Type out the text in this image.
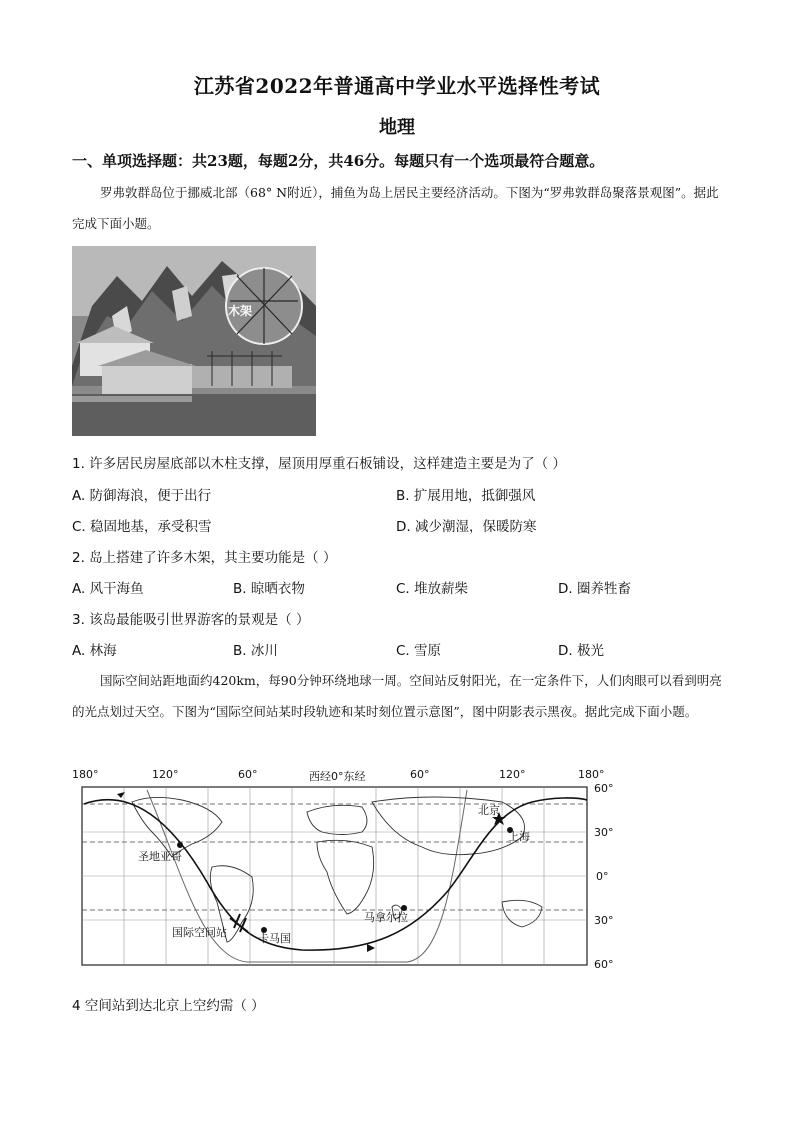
江苏省2022年普通高中学业水平选择性考试
地理
一、单项选择题：共23题，每题2分，共46分。每题只有一个选项最符合题意。
罗弗敦群岛位于挪威北部（68° N附近），捕鱼为岛上居民主要经济活动。下图为“罗弗敦群岛聚落景观图”。据此完成下面小题。
木架
1. 许多居民房屋底部以木柱支撑，屋顶用厚重石板铺设，这样建造主要是为了（ ）
A. 防御海浪，便于出行	B. 扩展用地，抵御强风
C. 稳固地基，承受积雪	D. 减少潮湿，保暖防寒
2. 岛上搭建了许多木架，其主要功能是（ ）
A. 风干海鱼	B. 晾晒衣物	C. 堆放薪柴	D. 圈养牲畜
3. 该岛最能吸引世界游客的景观是（ ）
A. 林海	B. 冰川	C. 雪原	D. 极光
国际空间站距地面约420km，每90分钟环绕地球一周。空间站反射阳光，在一定条件下，人们肉眼可以看到明亮的光点划过天空。下图为“国际空间站某时段轨迹和某时刻位置示意图”，图中阴影表示黑夜。据此完成下面小题。
180°	120°	60°	西经0°东经	60°	120°	180°
60°
30°
0°
30°
60°
圣地亚哥
国际空间站	卡马国
北京
上海
马拿尔拉
4 空间站到达北京上空约需（ ）
